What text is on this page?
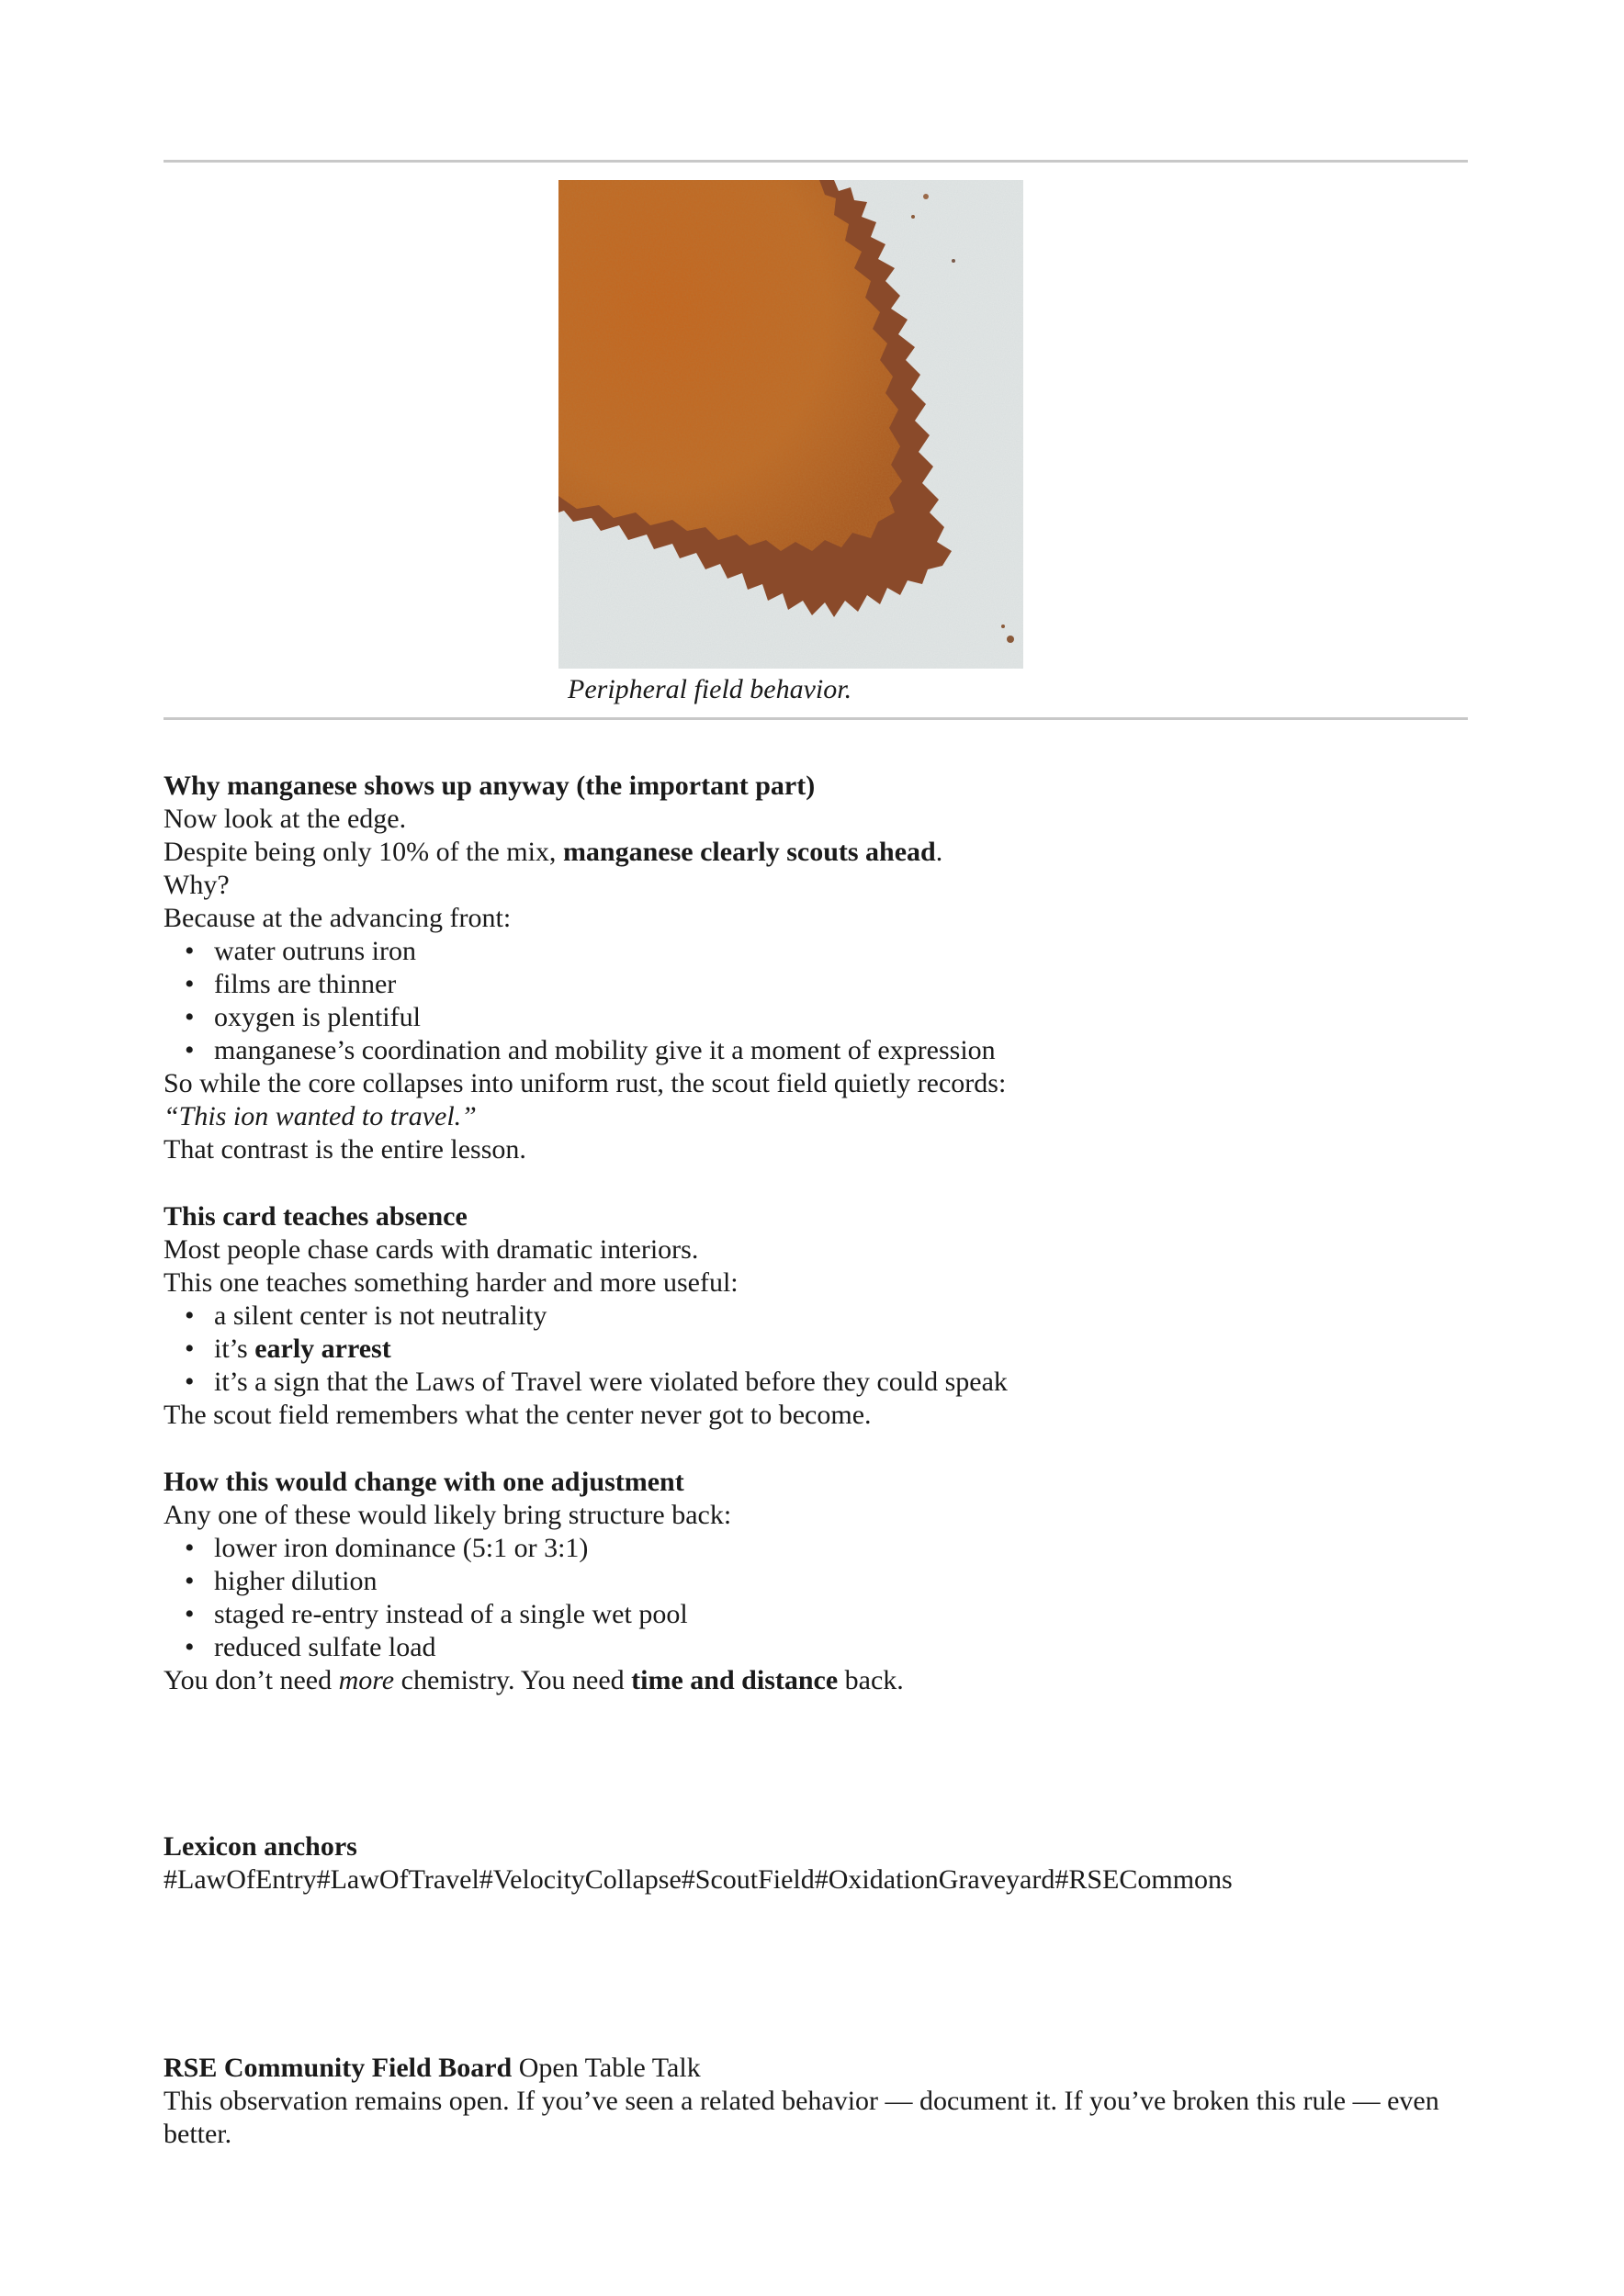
Peripheral field behavior.
Why manganese shows up anyway (the important part)

Now look at the edge.

Despite being only 10% of the mix, manganese clearly scouts ahead.

Why?

Because at the advancing front:

• water outruns iron
• films are thinner
• oxygen is plentiful
• manganese’s coordination and mobility give it a moment of expression

So while the core collapses into uniform rust, the scout field quietly records:

“This ion wanted to travel.”

That contrast is the entire lesson.

This card teaches absence

Most people chase cards with dramatic interiors.

This one teaches something harder and more useful:

• a silent center is not neutrality
• it’s early arrest
• it’s a sign that the Laws of Travel were violated before they could speak

The scout field remembers what the center never got to become.

How this would change with one adjustment

Any one of these would likely bring structure back:

• lower iron dominance (5:1 or 3:1)
• higher dilution
• staged re-entry instead of a single wet pool
• reduced sulfate load

You don’t need more chemistry. You need time and distance back.

Lexicon anchors

#LawOfEntry#LawOfTravel#VelocityCollapse#ScoutField#OxidationGraveyard#RSECommons

RSE Community Field Board Open Table Talk

This observation remains open. If you’ve seen a related behavior — document it. If you’ve broken this rule — even better.
